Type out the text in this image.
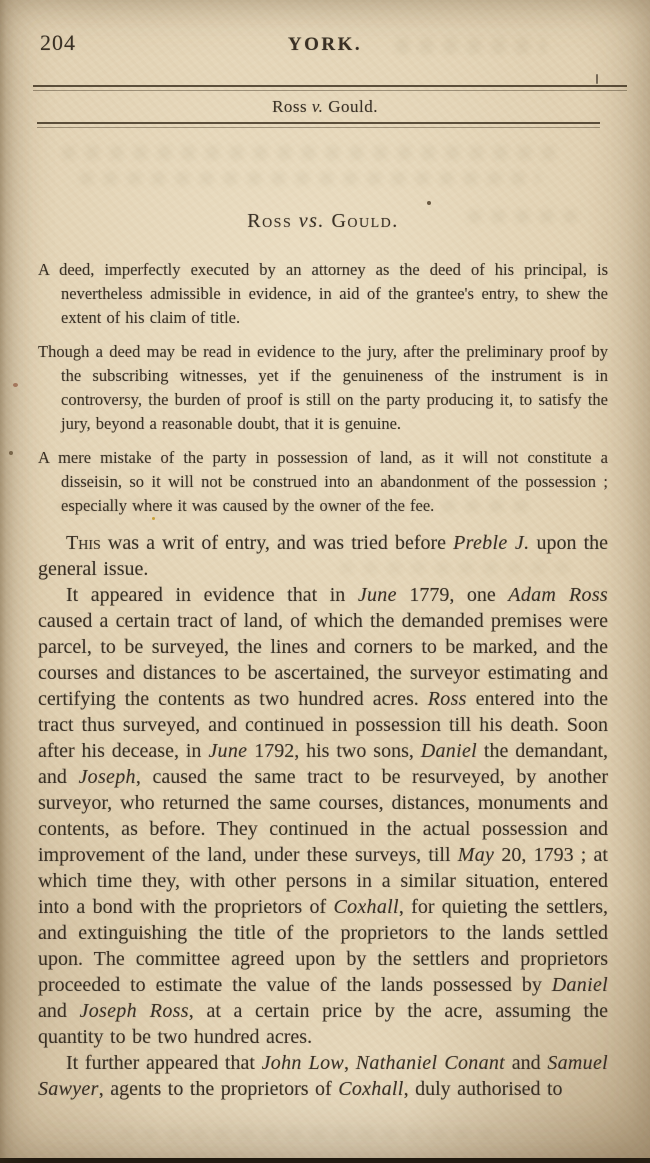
204	YORK.
Ross v. Gould.
Ross vs. Gould.

A deed, imperfectly executed by an attorney as the deed of his principal, is nevertheless admissible in evidence, in aid of the grantee's entry, to shew the extent of his claim of title.

Though a deed may be read in evidence to the jury, after the preliminary proof by the subscribing witnesses, yet if the genuineness of the instrument is in controversy, the burden of proof is still on the party producing it, to satisfy the jury, beyond a reasonable doubt, that it is genuine.

A mere mistake of the party in possession of land, as it will not constitute a disseisin, so it will not be construed into an abandonment of the possession ; especially where it was caused by the owner of the fee.

This was a writ of entry, and was tried before Preble J. upon the general issue.

It appeared in evidence that in June 1779, one Adam Ross caused a certain tract of land, of which the demanded premises were parcel, to be surveyed, the lines and corners to be marked, and the courses and distances to be ascertained, the surveyor estimating and certifying the contents as two hundred acres. Ross entered into the tract thus surveyed, and continued in possession till his death. Soon after his decease, in June 1792, his two sons, Daniel the demandant, and Joseph, caused the same tract to be resurveyed, by another surveyor, who returned the same courses, distances, monuments and contents, as before. They continued in the actual possession and improvement of the land, under these surveys, till May 20, 1793 ; at which time they, with other persons in a similar situation, entered into a bond with the proprietors of Coxhall, for quieting the settlers, and extinguishing the title of the proprietors to the lands settled upon. The committee agreed upon by the settlers and proprietors proceeded to estimate the value of the lands possessed by Daniel and Joseph Ross, at a certain price by the acre, assuming the quantity to be two hundred acres.

It further appeared that John Low, Nathaniel Conant and Samuel Sawyer, agents to the proprietors of Coxhall, duly authorised to
